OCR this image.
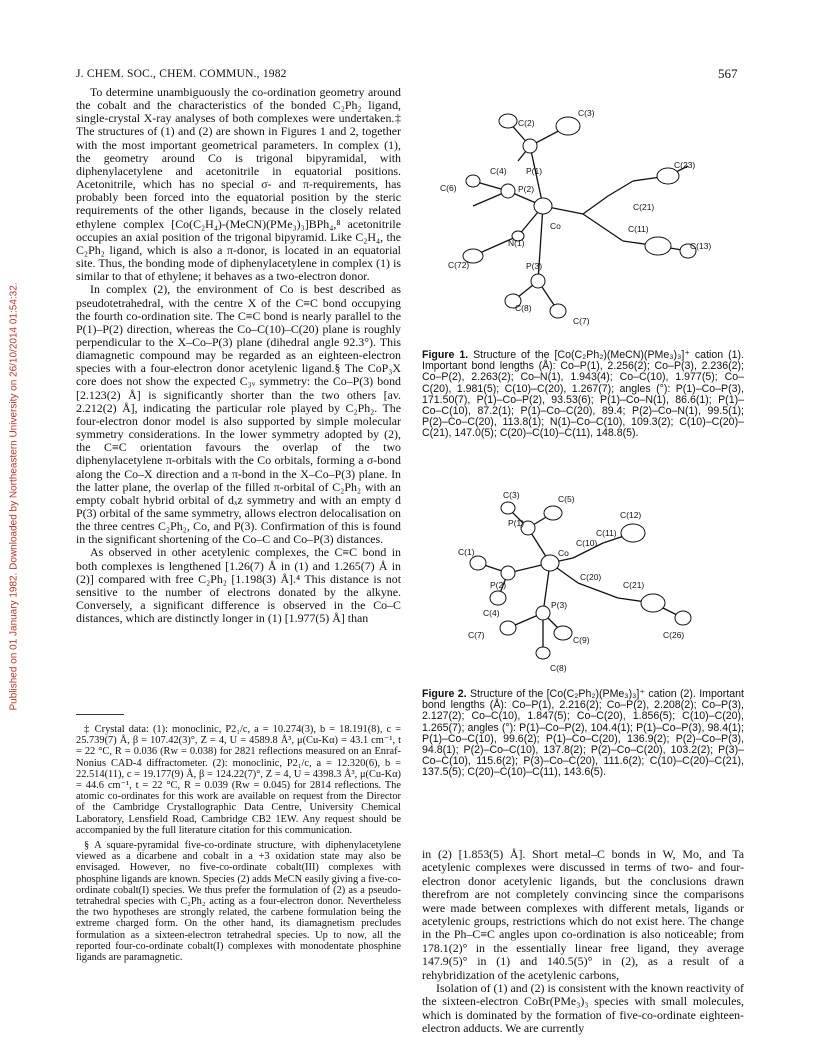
J. CHEM. SOC., CHEM. COMMUN., 1982	567
Published on 01 January 1982. Downloaded by Northeastern University on 26/10/2014 01:54:32.

To determine unambiguously the co-ordination geometry around the cobalt and the characteristics of the bonded C₂Ph₂ ligand, single-crystal X-ray analyses of both complexes were undertaken.‡ The structures of (1) and (2) are shown in Figures 1 and 2, together with the most important geometrical parameters. In complex (1), the geometry around Co is trigonal bipyramidal, with diphenylacetylene and acetonitrile in equatorial positions. Acetonitrile, which has no special σ- and π-requirements, has probably been forced into the equatorial position by the steric requirements of the other ligands, because in the closely related ethylene complex [Co(C₂H₄)-(MeCN)(PMe₃)₃]BPh₄,⁸ acetonitrile occupies an axial position of the trigonal bipyramid. Like C₂H₄, the C₂Ph₂ ligand, which is also a π-donor, is located in an equatorial site. Thus, the bonding mode of diphenylacetylene in complex (1) is similar to that of ethylene; it behaves as a two-electron donor.

In complex (2), the environment of Co is best described as pseudotetrahedral, with the centre X of the C≡C bond occupying the fourth co-ordination site. The C≡C bond is nearly parallel to the P(1)–P(2) direction, whereas the Co–C(10)–C(20) plane is roughly perpendicular to the X–Co–P(3) plane (dihedral angle 92.3°). This diamagnetic compound may be regarded as an eighteen-electron species with a four-electron donor acetylenic ligand.§ The CoP₃X core does not show the expected C₃ᵥ symmetry: the Co–P(3) bond [2.123(2) Å] is significantly shorter than the two others [av. 2.212(2) Å], indicating the particular role played by C₂Ph₂. The four-electron donor model is also supported by simple molecular symmetry considerations. In the lower symmetry adopted by (2), the C≡C orientation favours the overlap of the two diphenylacetylene π-orbitals with the Co orbitals, forming a σ-bond along the Co–X direction and a π-bond in the X–Co–P(3) plane. In the latter plane, the overlap of the filled π-orbital of C₂Ph₂ with an empty cobalt hybrid orbital of dₓz symmetry and with an empty d P(3) orbital of the same symmetry, allows electron delocalisation on the three centres C₂Ph₂, Co, and P(3). Confirmation of this is found in the significant shortening of the Co–C and Co–P(3) distances.

As observed in other acetylenic complexes, the C≡C bond in both complexes is lengthened [1.26(7) Å in (1) and 1.265(7) Å in (2)] compared with free C₂Ph₂ [1.198(3) Å].⁴ This distance is not sensitive to the number of electrons donated by the alkyne. Conversely, a significant difference is observed in the Co–C distances, which are distinctly longer in (1) [1.977(5) Å] than

‡ Crystal data: (1): monoclinic, P2₁/c, a = 10.274(3), b = 18.191(8), c = 25.739(7) Å, β = 107.42(3)°, Z = 4, U = 4589.8 Å³, μ(Cu-Kα) = 43.1 cm⁻¹, t = 22 °C, R = 0.036 (Rw = 0.038) for 2821 reflections measured on an Enraf-Nonius CAD-4 diffractometer. (2): monoclinic, P2₁/c, a = 12.320(6), b = 22.514(11), c = 19.177(9) Å, β = 124.22(7)°, Z = 4, U = 4398.3 Å³, μ(Cu-Kα) = 44.6 cm⁻¹, t = 22 °C, R = 0.039 (Rw = 0.045) for 2814 reflections. The atomic co-ordinates for this work are available on request from the Director of the Cambridge Crystallographic Data Centre, University Chemical Laboratory, Lensfield Road, Cambridge CB2 1EW. Any request should be accompanied by the full literature citation for this communication.

§ A square-pyramidal five-co-ordinate structure, with diphenylacetylene viewed as a dicarbene and cobalt in a +3 oxidation state may also be envisaged. However, no five-co-ordinate cobalt(III) complexes with phosphine ligands are known. Species (2) adds MeCN easily giving a five-co-ordinate cobalt(I) species. We thus prefer the formulation of (2) as a pseudo-tetrahedral species with C₂Ph₂ acting as a four-electron donor. Nevertheless the two hypotheses are strongly related, the carbene formulation being the extreme charged form. On the other hand, its diamagnetism precludes formulation as a sixteen-electron tetrahedral species. Up to now, all the reported four-co-ordinate cobalt(I) complexes with monodentate phosphine ligands are paramagnetic.

C(2)
C(3)
C(4) P(1)
C(23)
C(6)	P(2)
C(21)
Co	C(11)
N(1)	C(13)
C(72)	P(3)
C(8)
C(7)
Figure 1. Structure of the [Co(C₂Ph₂)(MeCN)(PMe₃)₃]⁺ cation (1). Important bond lengths (Å): Co–P(1), 2.256(2); Co–P(3), 2.236(2); Co–P(2), 2.263(2); Co–N(1), 1.943(4); Co–C(10), 1.977(5); Co–C(20), 1.981(5); C(10)–C(20), 1.267(7); angles (°): P(1)–Co–P(3), 171.50(7), P(1)–Co–P(2), 93.53(6); P(1)–Co–N(1), 86.6(1); P(1)–Co–C(10), 87.2(1); P(1)–Co–C(20), 89.4; P(2)–Co–N(1), 99.5(1); P(2)–Co–C(20), 113.8(1); N(1)–Co–C(10), 109.3(2); C(10)–C(20)–C(21), 147.0(5); C(20)–C(10)–C(11), 148.8(5).
C(3)	C(5)
C(12)
P(1)
C(10)
C(11)
C(1)	Co
P(2)
C(20)
C(21)
C(4)
P(3)
C(7)	C(9)	C(26)
C(8)
Figure 2. Structure of the [Co(C₂Ph₂)(PMe₃)₃]⁺ cation (2). Important bond lengths (Å): Co–P(1), 2.216(2); Co–P(2), 2.208(2); Co–P(3), 2.127(2); Co–C(10), 1.847(5); Co–C(20), 1.856(5); C(10)–C(20), 1.265(7); angles (°): P(1)–Co–P(2), 104.4(1); P(1)–Co–P(3), 98.4(1); P(1)–Co–C(10), 99.6(2); P(1)–Co–C(20), 136.9(2); P(2)–Co–P(3), 94.8(1); P(2)–Co–C(10), 137.8(2); P(2)–Co–C(20), 103.2(2); P(3)–Co–C(10), 115.6(2); P(3)–Co–C(20), 111.6(2); C(10)–C(20)–C(21), 137.5(5); C(20)–C(10)–C(11), 143.6(5).

in (2) [1.853(5) Å]. Short metal–C bonds in W, Mo, and Ta acetylenic complexes were discussed in terms of two- and four-electron donor acetylenic ligands, but the conclusions drawn therefrom are not completely convincing since the comparisons were made between complexes with different metals, ligands or acetylenic groups, restrictions which do not exist here. The change in the Ph–C≡C angles upon co-ordination is also noticeable; from 178.1(2)° in the essentially linear free ligand, they average 147.9(5)° in (1) and 140.5(5)° in (2), as a result of a rehybridization of the acetylenic carbons,

Isolation of (1) and (2) is consistent with the known reactivity of the sixteen-electron CoBr(PMe₃)₃ species with small molecules, which is dominated by the formation of five-co-ordinate eighteen-electron adducts. We are currently
